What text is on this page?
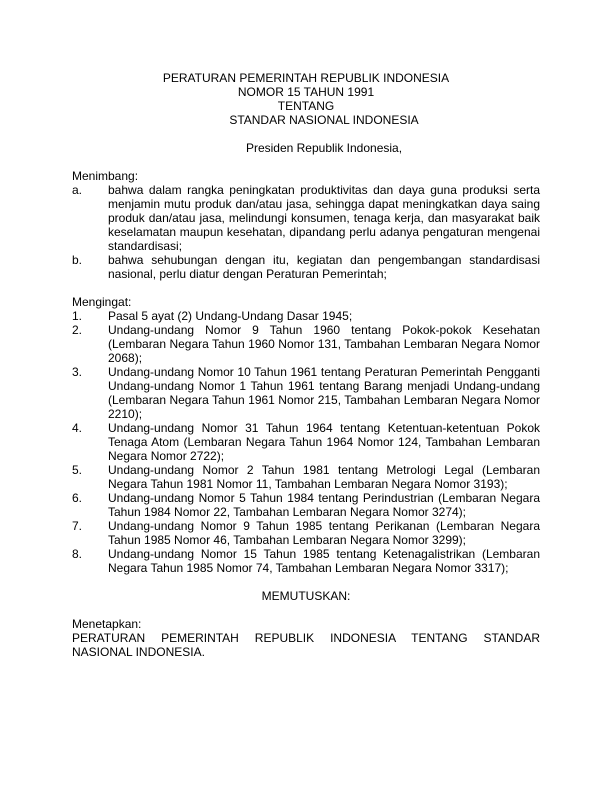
PERATURAN PEMERINTAH REPUBLIK INDONESIA
NOMOR 15 TAHUN 1991
TENTANG
STANDAR NASIONAL INDONESIA
Presiden Republik Indonesia,
Menimbang:
a.	bahwa dalam rangka peningkatan produktivitas dan daya guna produksi serta menjamin mutu produk dan/atau jasa, sehingga dapat meningkatkan daya saing produk dan/atau jasa, melindungi konsumen, tenaga kerja, dan masyarakat baik keselamatan maupun kesehatan, dipandang perlu adanya pengaturan mengenai standardisasi;
b.	bahwa sehubungan dengan itu, kegiatan dan pengembangan standardisasi nasional, perlu diatur dengan Peraturan Pemerintah;
Mengingat:
1.	Pasal 5 ayat (2) Undang-Undang Dasar 1945;
2.	Undang-undang Nomor 9 Tahun 1960 tentang Pokok-pokok Kesehatan (Lembaran Negara Tahun 1960 Nomor 131, Tambahan Lembaran Negara Nomor 2068);
3.	Undang-undang Nomor 10 Tahun 1961 tentang Peraturan Pemerintah Pengganti Undang-undang Nomor 1 Tahun 1961 tentang Barang menjadi Undang-undang (Lembaran Negara Tahun 1961 Nomor 215, Tambahan Lembaran Negara Nomor 2210);
4.	Undang-undang Nomor 31 Tahun 1964 tentang Ketentuan-ketentuan Pokok Tenaga Atom (Lembaran Negara Tahun 1964 Nomor 124, Tambahan Lembaran Negara Nomor 2722);
5.	Undang-undang Nomor 2 Tahun 1981 tentang Metrologi Legal (Lembaran Negara Tahun 1981 Nomor 11, Tambahan Lembaran Negara Nomor 3193);
6.	Undang-undang Nomor 5 Tahun 1984 tentang Perindustrian (Lembaran Negara Tahun 1984 Nomor 22, Tambahan Lembaran Negara Nomor 3274);
7.	Undang-undang Nomor 9 Tahun 1985 tentang Perikanan (Lembaran Negara Tahun 1985 Nomor 46, Tambahan Lembaran Negara Nomor 3299);
8.	Undang-undang Nomor 15 Tahun 1985 tentang Ketenagalistrikan (Lembaran Negara Tahun 1985 Nomor 74, Tambahan Lembaran Negara Nomor 3317);
MEMUTUSKAN:
Menetapkan:
PERATURAN PEMERINTAH REPUBLIK INDONESIA TENTANG STANDAR NASIONAL INDONESIA.
